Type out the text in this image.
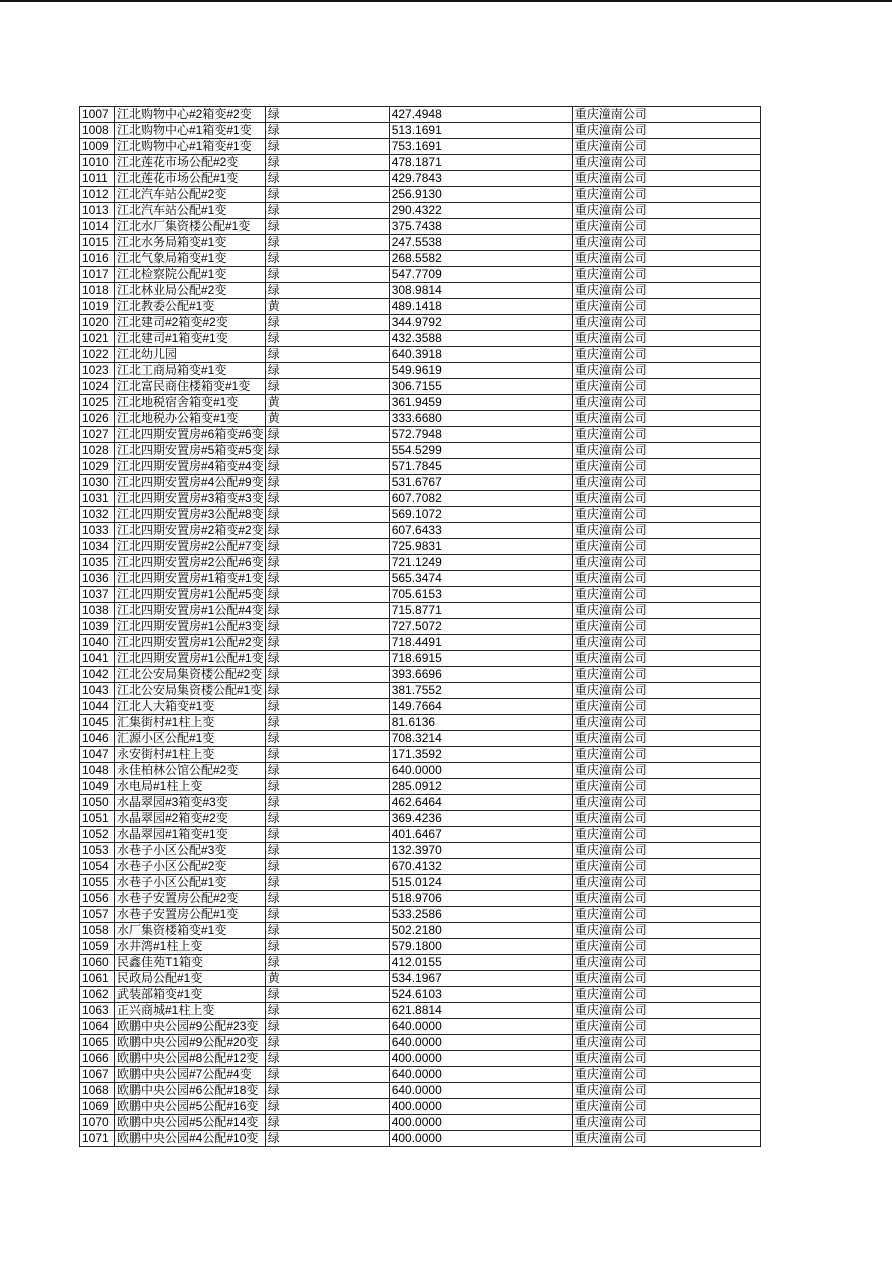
1007	江北购物中心#2箱变#2变	绿	427.4948	重庆潼南公司
1008	江北购物中心#1箱变#1变	绿	513.1691	重庆潼南公司
1009	江北购物中心#1箱变#1变	绿	753.1691	重庆潼南公司
1010	江北莲花市场公配#2变	绿	478.1871	重庆潼南公司
1011	江北莲花市场公配#1变	绿	429.7843	重庆潼南公司
1012	江北汽车站公配#2变	绿	256.9130	重庆潼南公司
1013	江北汽车站公配#1变	绿	290.4322	重庆潼南公司
1014	江北水厂集资楼公配#1变	绿	375.7438	重庆潼南公司
1015	江北水务局箱变#1变	绿	247.5538	重庆潼南公司
1016	江北气象局箱变#1变	绿	268.5582	重庆潼南公司
1017	江北检察院公配#1变	绿	547.7709	重庆潼南公司
1018	江北林业局公配#2变	绿	308.9814	重庆潼南公司
1019	江北教委公配#1变	黄	489.1418	重庆潼南公司
1020	江北建司#2箱变#2变	绿	344.9792	重庆潼南公司
1021	江北建司#1箱变#1变	绿	432.3588	重庆潼南公司
1022	江北幼儿园	绿	640.3918	重庆潼南公司
1023	江北工商局箱变#1变	绿	549.9619	重庆潼南公司
1024	江北富民商住楼箱变#1变	绿	306.7155	重庆潼南公司
1025	江北地税宿舍箱变#1变	黄	361.9459	重庆潼南公司
1026	江北地税办公箱变#1变	黄	333.6680	重庆潼南公司
1027	江北四期安置房#6箱变#6变	绿	572.7948	重庆潼南公司
1028	江北四期安置房#5箱变#5变	绿	554.5299	重庆潼南公司
1029	江北四期安置房#4箱变#4变	绿	571.7845	重庆潼南公司
1030	江北四期安置房#4公配#9变	绿	531.6767	重庆潼南公司
1031	江北四期安置房#3箱变#3变	绿	607.7082	重庆潼南公司
1032	江北四期安置房#3公配#8变	绿	569.1072	重庆潼南公司
1033	江北四期安置房#2箱变#2变	绿	607.6433	重庆潼南公司
1034	江北四期安置房#2公配#7变	绿	725.9831	重庆潼南公司
1035	江北四期安置房#2公配#6变	绿	721.1249	重庆潼南公司
1036	江北四期安置房#1箱变#1变	绿	565.3474	重庆潼南公司
1037	江北四期安置房#1公配#5变	绿	705.6153	重庆潼南公司
1038	江北四期安置房#1公配#4变	绿	715.8771	重庆潼南公司
1039	江北四期安置房#1公配#3变	绿	727.5072	重庆潼南公司
1040	江北四期安置房#1公配#2变	绿	718.4491	重庆潼南公司
1041	江北四期安置房#1公配#1变	绿	718.6915	重庆潼南公司
1042	江北公安局集资楼公配#2变	绿	393.6696	重庆潼南公司
1043	江北公安局集资楼公配#1变	绿	381.7552	重庆潼南公司
1044	江北人大箱变#1变	绿	149.7664	重庆潼南公司
1045	汇集街村#1柱上变	绿	81.6136	重庆潼南公司
1046	汇源小区公配#1变	绿	708.3214	重庆潼南公司
1047	永安街村#1柱上变	绿	171.3592	重庆潼南公司
1048	永佳柏林公馆公配#2变	绿	640.0000	重庆潼南公司
1049	水电局#1柱上变	绿	285.0912	重庆潼南公司
1050	水晶翠园#3箱变#3变	绿	462.6464	重庆潼南公司
1051	水晶翠园#2箱变#2变	绿	369.4236	重庆潼南公司
1052	水晶翠园#1箱变#1变	绿	401.6467	重庆潼南公司
1053	水巷子小区公配#3变	绿	132.3970	重庆潼南公司
1054	水巷子小区公配#2变	绿	670.4132	重庆潼南公司
1055	水巷子小区公配#1变	绿	515.0124	重庆潼南公司
1056	水巷子安置房公配#2变	绿	518.9706	重庆潼南公司
1057	水巷子安置房公配#1变	绿	533.2586	重庆潼南公司
1058	水厂集资楼箱变#1变	绿	502.2180	重庆潼南公司
1059	水井湾#1柱上变	绿	579.1800	重庆潼南公司
1060	民鑫佳苑T1箱变	绿	412.0155	重庆潼南公司
1061	民政局公配#1变	黄	534.1967	重庆潼南公司
1062	武装部箱变#1变	绿	524.6103	重庆潼南公司
1063	正兴商城#1柱上变	绿	621.8814	重庆潼南公司
1064	欧鹏中央公园#9公配#23变	绿	640.0000	重庆潼南公司
1065	欧鹏中央公园#9公配#20变	绿	640.0000	重庆潼南公司
1066	欧鹏中央公园#8公配#12变	绿	400.0000	重庆潼南公司
1067	欧鹏中央公园#7公配#4变	绿	640.0000	重庆潼南公司
1068	欧鹏中央公园#6公配#18变	绿	640.0000	重庆潼南公司
1069	欧鹏中央公园#5公配#16变	绿	400.0000	重庆潼南公司
1070	欧鹏中央公园#5公配#14变	绿	400.0000	重庆潼南公司
1071	欧鹏中央公园#4公配#10变	绿	400.0000	重庆潼南公司
